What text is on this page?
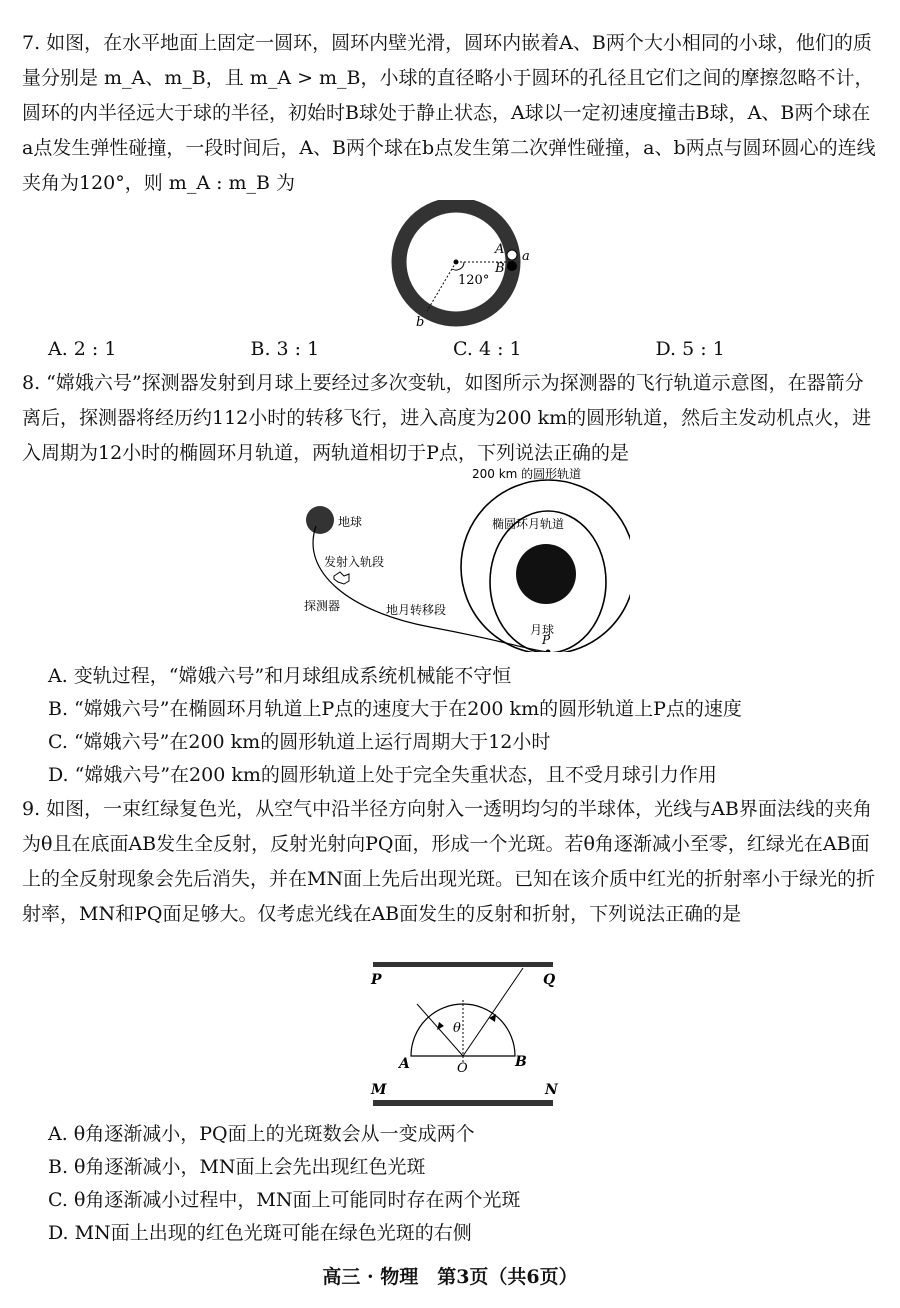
7. 如图，在水平地面上固定一圆环，圆环内壁光滑，圆环内嵌着A、B两个大小相同的小球，他们的质量分别是 m_A、m_B，且 m_A > m_B，小球的直径略小于圆环的孔径且它们之间的摩擦忽略不计，圆环的内半径远大于球的半径，初始时B球处于静止状态，A球以一定初速度撞击B球，A、B两个球在a点发生弹性碰撞，一段时间后，A、B两个球在b点发生第二次弹性碰撞，a、b两点与圆环圆心的连线夹角为120°，则 m_A : m_B 为

120°
A
B
a
b
A. 2 : 1	B. 3 : 1	C. 4 : 1	D. 5 : 1

8. “嫦娥六号”探测器发射到月球上要经过多次变轨，如图所示为探测器的飞行轨道示意图，在器箭分离后，探测器将经历约112小时的转移飞行，进入高度为200 km的圆形轨道，然后主发动机点火，进入周期为12小时的椭圆环月轨道，两轨道相切于P点，下列说法正确的是

200 km 的圆形轨道
椭圆环月轨道
地球
发射入轨段
探测器	地月转移段
月球
P

A. 变轨过程，“嫦娥六号”和月球组成系统机械能不守恒

B. “嫦娥六号”在椭圆环月轨道上P点的速度大于在200 km的圆形轨道上P点的速度

C. “嫦娥六号”在200 km的圆形轨道上运行周期大于12小时

D. “嫦娥六号”在200 km的圆形轨道上处于完全失重状态，且不受月球引力作用

9. 如图，一束红绿复色光，从空气中沿半径方向射入一透明均匀的半球体，光线与AB界面法线的夹角为θ且在底面AB发生全反射，反射光射向PQ面，形成一个光斑。若θ角逐渐减小至零，红绿光在AB面上的全反射现象会先后消失，并在MN面上先后出现光斑。已知在该介质中红光的折射率小于绿光的折射率，MN和PQ面足够大。仅考虑光线在AB面发生的反射和折射，下列说法正确的是

P	Q
A	B
O
θ
M	N

A. θ角逐渐减小，PQ面上的光斑数会从一变成两个

B. θ角逐渐减小，MN面上会先出现红色光斑

C. θ角逐渐减小过程中，MN面上可能同时存在两个光斑

D. MN面上出现的红色光斑可能在绿色光斑的右侧

高三 · 物理　第3页（共6页）
